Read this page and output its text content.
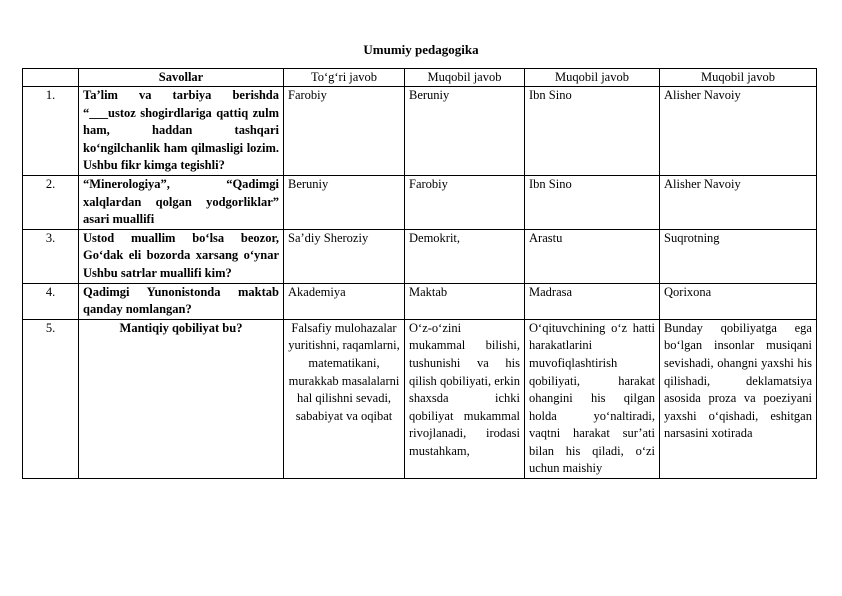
Umumiy pedagogika
	Savollar	To‘g‘ri javob	Muqobil javob	Muqobil javob	Muqobil javob
1.	Ta’lim va tarbiya berishda “___ustoz shogirdlariga qattiq zulm ham, haddan tashqari ko‘ngilchanlik ham qilmasligi lozim. Ushbu fikr kimga tegishli?	Farobiy	Beruniy	Ibn Sino	Alisher Navoiy
2.	“Minerologiya”, “Qadimgi xalqlardan qolgan yodgorliklar” asari muallifi	Beruniy	Farobiy	Ibn Sino	Alisher Navoiy
3.	Ustod muallim bo‘lsa beozor, Go‘dak eli bozorda xarsang o‘ynar Ushbu satrlar muallifi kim?	Sa’diy Sheroziy	Demokrit,	Arastu	Suqrotning
4.	Qadimgi Yunonistonda maktab qanday nomlangan?	Akademiya	Maktab	Madrasa	Qorixona

5.	Mantiqiy qobiliyat bu?	Falsafiy mulohazalar yuritishni, raqamlarni, matematikani, murakkab masalalarni hal qilishni sevadi, sababiyat va oqibat	O‘z-o‘zini mukammal bilishi, tushunishi va his qilish qobiliyati, erkin shaxsda ichki qobiliyat mukammal rivojlanadi, irodasi mustahkam,	O‘qituvchining o‘z hatti harakatlarini muvofiqlashtirish qobiliyati, harakat ohangini his qilgan holda yo‘naltiradi, vaqtni harakat sur’ati bilan his qiladi, o‘zi uchun maishiy	Bunday qobiliyatga ega bo‘lgan insonlar musiqani sevishadi, ohangni yaxshi his qilishadi, deklamatsiya asosida proza va poeziyani yaxshi o‘qishadi, eshitgan narsasini xotirada
